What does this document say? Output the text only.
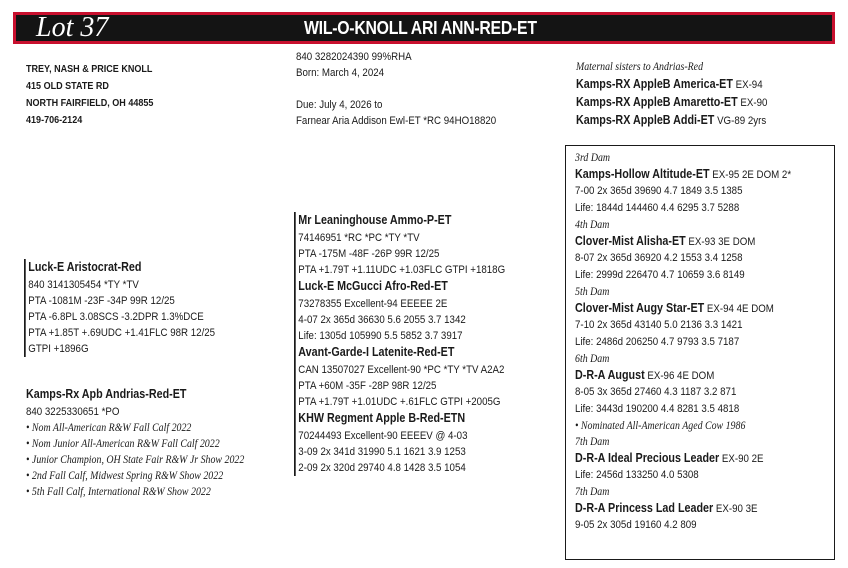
Lot 37	WIL-O-KNOLL ARI ANN-RED-ET
TREY, NASH & PRICE KNOLL
415 OLD STATE RD
NORTH FAIRFIELD, OH 44855
419-706-2124
840 3282024390 99%RHA
Born: March 4, 2024
Due: July 4, 2026 to
Farnear Aria Addison Ewl-ET *RC 94HO18820
Maternal sisters to Andrias-Red
Kamps-RX AppleB America-ET EX-94
Kamps-RX AppleB Amaretto-ET EX-90
Kamps-RX AppleB Addi-ET VG-89 2yrs
Luck-E Aristocrat-Red
840 3141305454 *TY *TV
PTA -1081M -23F -34P 99R 12/25
PTA -6.8PL 3.08SCS -3.2DPR 1.3%DCE
PTA +1.85T +.69UDC +1.41FLC 98R 12/25
GTPI +1896G
Kamps-Rx Apb Andrias-Red-ET
840 3225330651 *PO
• Nom All-American R&W Fall Calf 2022
• Nom Junior All-American R&W Fall Calf 2022
• Junior Champion, OH State Fair R&W Jr Show 2022
• 2nd Fall Calf, Midwest Spring R&W Show 2022
• 5th Fall Calf, International R&W Show 2022
Mr Leaninghouse Ammo-P-ET
74146951 *RC *PC *TY *TV
PTA -175M -48F -26P 99R 12/25
PTA +1.79T +1.11UDC +1.03FLC GTPI +1818G
Luck-E McGucci Afro-Red-ET
73278355 Excellent-94 EEEEE 2E
4-07 2x 365d 36630 5.6 2055 3.7 1342
Life: 1305d 105990 5.5 5852 3.7 3917
Avant-Garde-I Latenite-Red-ET
CAN 13507027 Excellent-90 *PC *TY *TV A2A2
PTA +60M -35F -28P 98R 12/25
PTA +1.79T +1.01UDC +.61FLC GTPI +2005G
KHW Regment Apple B-Red-ETN
70244493 Excellent-90 EEEEV @ 4-03
3-09 2x 341d 31990 5.1 1621 3.9 1253
2-09 2x 320d 29740 4.8 1428 3.5 1054
3rd Dam
Kamps-Hollow Altitude-ET EX-95 2E DOM 2*
7-00 2x 365d 39690 4.7 1849 3.5 1385
Life: 1844d 144460 4.4 6295 3.7 5288
4th Dam
Clover-Mist Alisha-ET EX-93 3E DOM
8-07 2x 365d 36920 4.2 1553 3.4 1258
Life: 2999d 226470 4.7 10659 3.6 8149
5th Dam
Clover-Mist Augy Star-ET EX-94 4E DOM
7-10 2x 365d 43140 5.0 2136 3.3 1421
Life: 2486d 206250 4.7 9793 3.5 7187
6th Dam
D-R-A August EX-96 4E DOM
8-05 3x 365d 27460 4.3 1187 3.2 871
Life: 3443d 190200 4.4 8281 3.5 4818
• Nominated All-American Aged Cow 1986
7th Dam
D-R-A Ideal Precious Leader EX-90 2E
Life: 2456d 133250 4.0 5308
7th Dam
D-R-A Princess Lad Leader EX-90 3E
9-05 2x 305d 19160 4.2 809
